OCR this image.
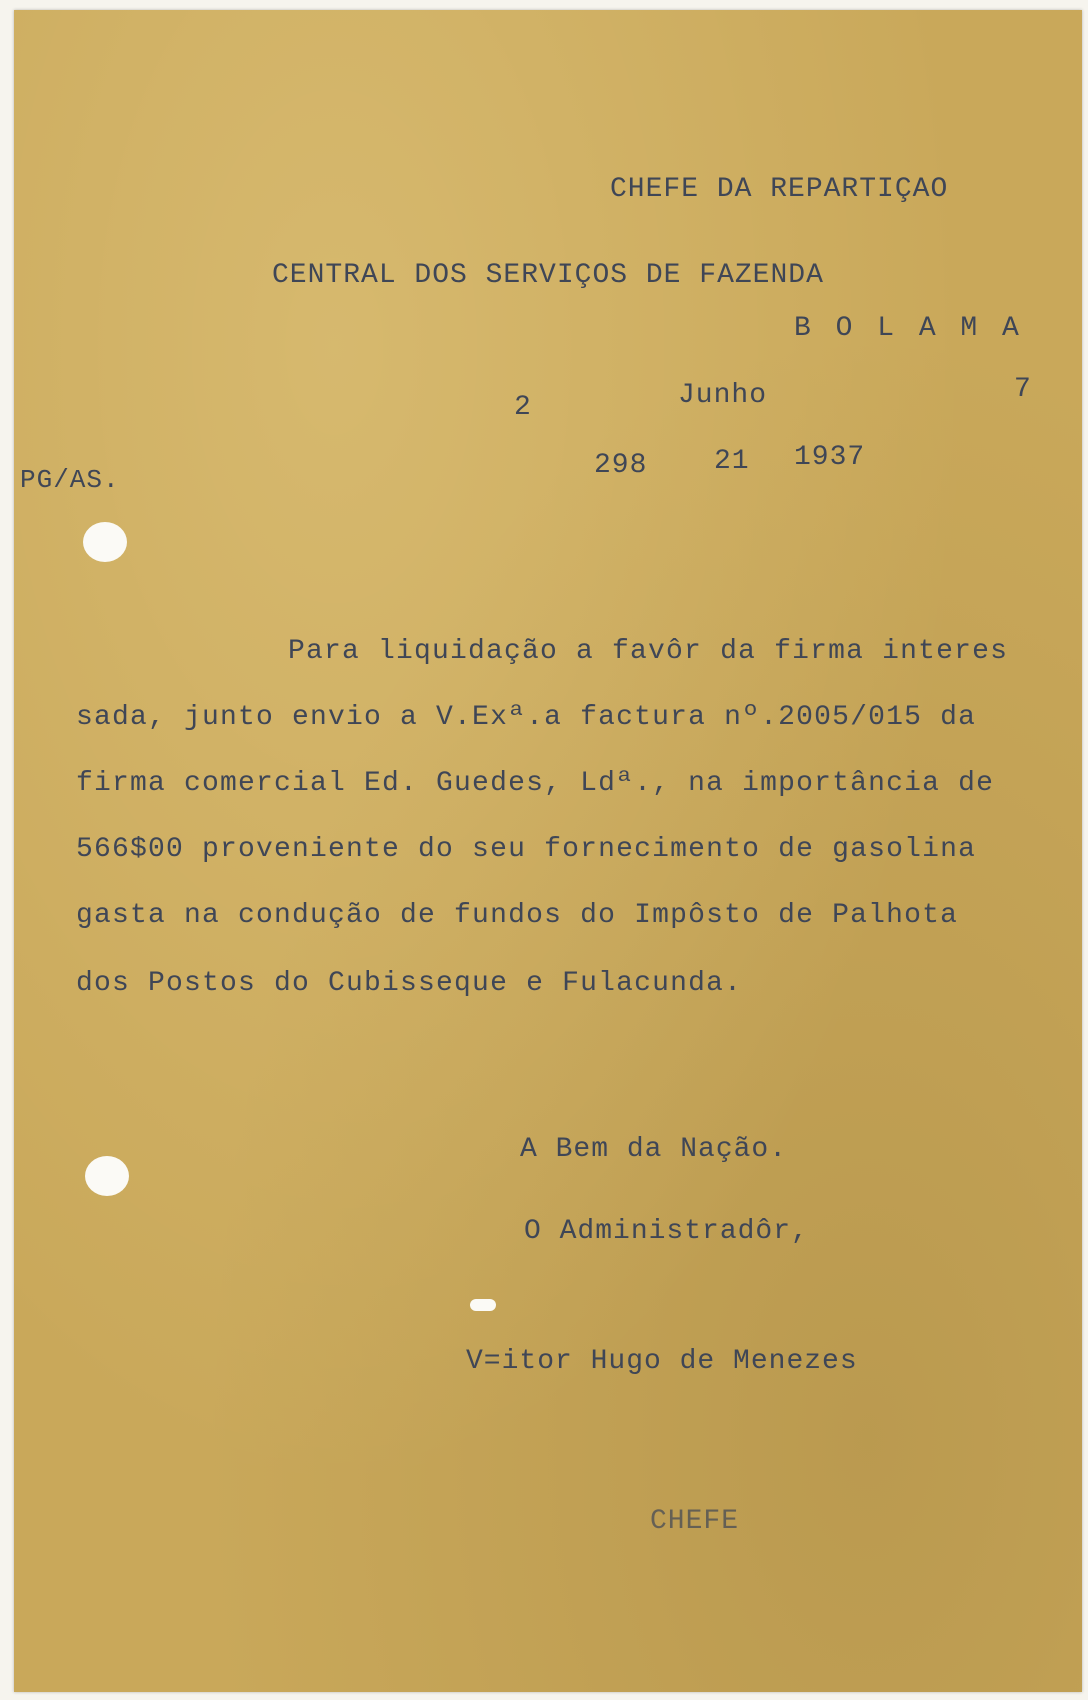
CHEFE DA REPARTIÇAO
CENTRAL DOS SERVIÇOS DE FAZENDA
B O L A M A
2	Junho	7
PG/AS.	298 21 1937
Para liquidação a favôr da firma interes
sada, junto envio a V.Exª.a factura nº.2005/015 da
firma comercial Ed. Guedes, Ldª., na importância de
566$00 proveniente do seu fornecimento de gasolina
gasta na condução de fundos do Impôsto de Palhota
dos Postos do Cubisseque e Fulacunda.
A Bem da Nação.
O Administradôr,
V=itor Hugo de Menezes
CHEFE
